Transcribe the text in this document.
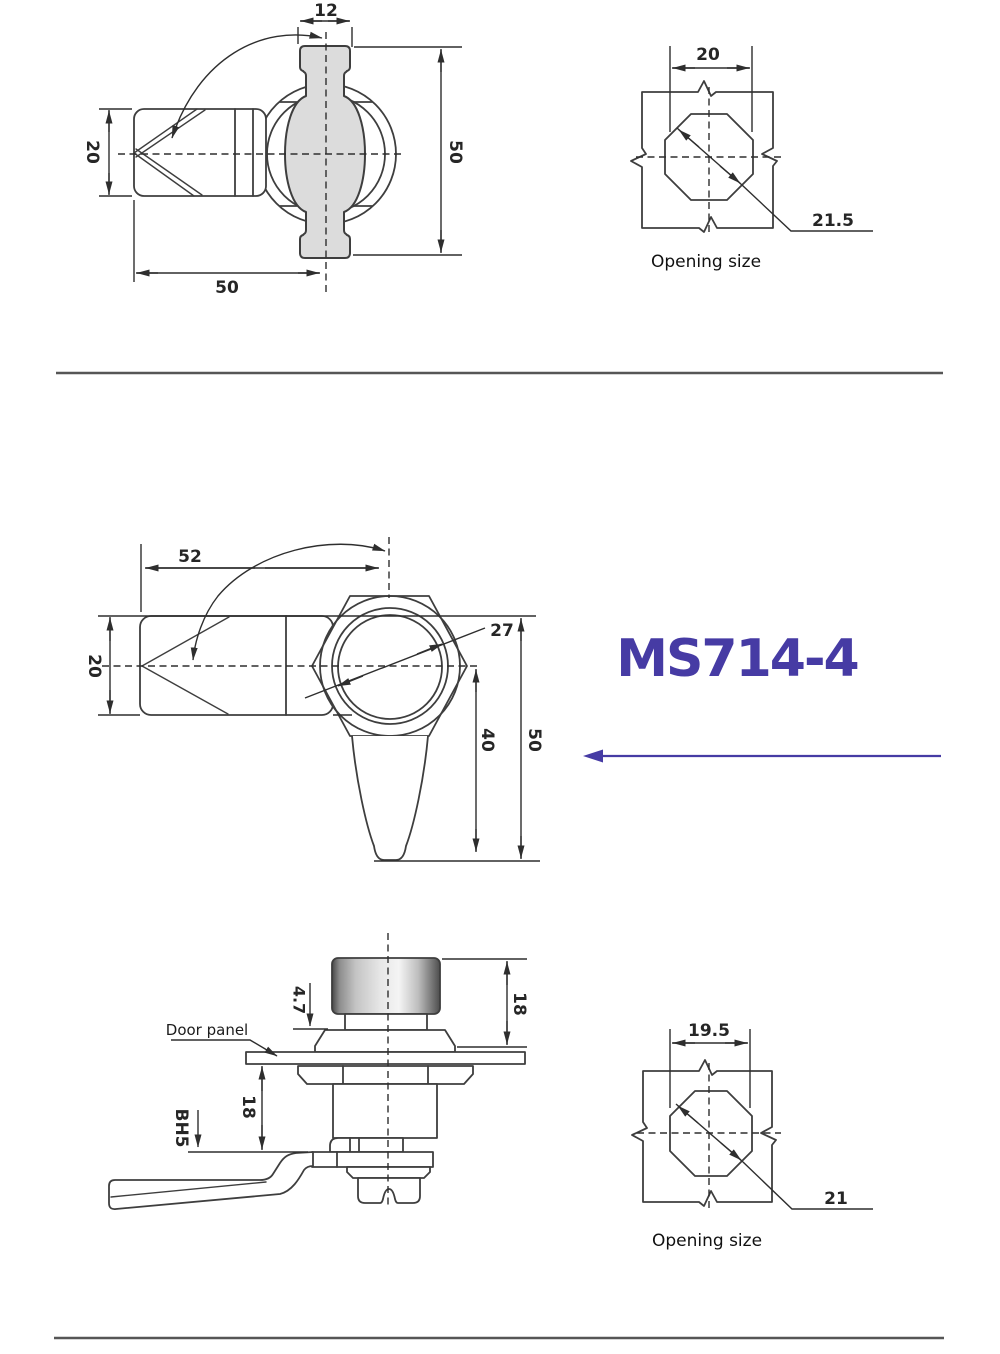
12
50
20
50
20
21.5
Opening size
52
20
27
40 50
MS714-4
4.7	18
Door panel
18
BH5
19.5
21
Opening size
